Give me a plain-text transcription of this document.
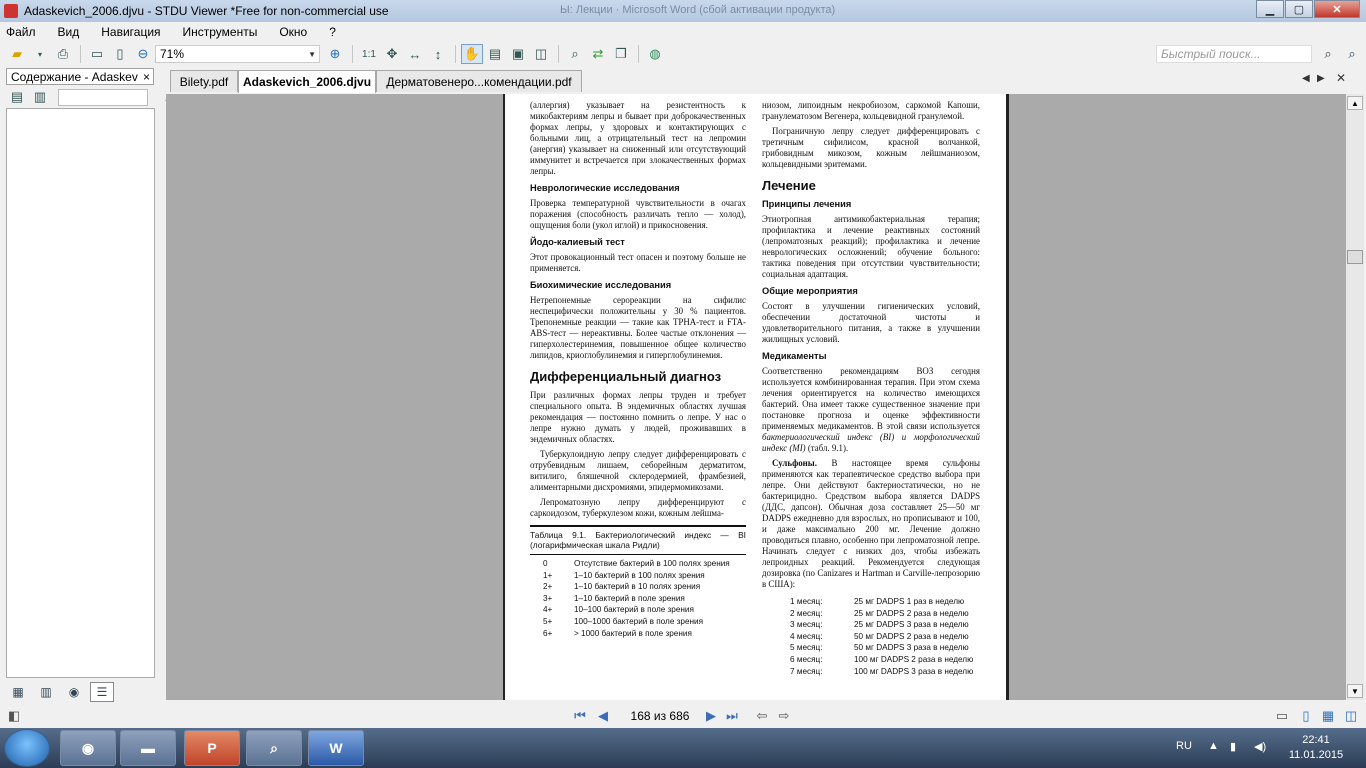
Adaskevich_2006.djvu - STDU Viewer *Free for non-commercial use	Ы: Лекции · Microsoft Word (сбой активации продукта)	▁	▢	✕
Файл Вид Навигация Инструменты Окно ?
▰	▾	⎙	▭	▯	⊖ 71%	▼	⊕	1:1 ✥ ↔	↕	✋ ▤ ▣ ◫	⌕	⇄ ❐	◍	Быстрый поиск...	⌕	⌕
Содержание - Adaskev ×
▤ ▥
▦	▥	◉	☰
Bilety.pdf	Adaskevich_2006.djvu	Дерматовенеро...комендации.pdf	◀ ▶ ✕

(аллергия) указывает на резистентность к микобактериям лепры и бывает при доброкачественных формах лепры, у здоровых и контактирующих с больными лиц, а отрицательный тест на лепромин (анергия) указывает на сниженный или отсутствующий иммунитет и встречается при злокачественных формах лепры.

Неврологические исследования

Проверка температурной чувствительности в очагах поражения (способность различать тепло — холод), ощущения боли (укол иглой) и прикосновения.

Йодо-калиевый тест

Этот провокационный тест опасен и поэтому больше не применяется.

Биохимические исследования

Нетрепонемные серореакции на сифилис неспецифически положительны у 30 % пациентов. Трепонемные реакции — такие как ТРНА-тест и FTA-ABS-тест — нереактивны. Более частые отклонения — гиперхолестеринемия, повышенное общее количество липидов, криоглобулинемия и гиперглобулинемия.

Дифференциальный диагноз

При различных формах лепры труден и требует специального опыта. В эндемичных областях лучшая рекомендация — постоянно помнить о лепре. У нас о лепре нужно думать у людей, проживавших в эндемичных областях.

Туберкулоидную лепру следует дифференцировать с отрубевидным лишаем, себорейным дерматитом, витилиго, бляшечной склеродермией, фрамбезией, алиментарными дисхромиями, эпидермомикозами.

Лепроматозную лепру дифференцируют с саркоидозом, туберкулезом кожи, кожным лейшма-

Таблица 9.1. Бактериологический индекс — BI (логарифмическая шкала Ридли)
0	Отсутствие бактерий в 100 полях зрения
1+	1–10 бактерий в 100 полях зрения
2+	1–10 бактерий в 10 полях зрения
3+	1–10 бактерий в поле зрения
4+	10–100 бактерий в поле зрения
5+	100–1000 бактерий в поле зрения
6+	> 1000 бактерий в поле зрения

ниозом, липоидным некробиозом, саркомой Капоши, гранулематозом Вегенера, кольцевидной гранулемой.

Пограничную лепру следует дифференцировать с третичным сифилисом, красной волчанкой, грибовидным микозом, кожным лейшманиозом, кольцевидными эритемами.

Лечение
Принципы лечения

Этиотропная антимикобактериальная терапия; профилактика и лечение реактивных состояний (лепроматозных реакций); профилактика и лечение неврологических осложнений; обучение больного: тактика поведения при отсутствии чувствительности; социальная адаптация.

Общие мероприятия

Состоят в улучшении гигиенических условий, обеспечении достаточной чистоты и удовлетворительного питания, а также в улучшении жилищных условий.

Медикаменты

Соответственно рекомендациям ВОЗ сегодня используется комбинированная терапия. При этом схема лечения ориентируется на количество имеющихся бактерий. Она имеет также существенное значение при постановке прогноза и оценке эффективности применяемых медикаментов. В этой связи используется бактериологический индекс (BI) и морфологический индекс (MI) (табл. 9.1).

Сульфоны. В настоящее время сульфоны применяются как терапевтическое средство выбора при лепре. Они действуют бактериостатически, но не бактерицидно. Средством выбора является DADPS (ДДС, дапсон). Обычная доза составляет 25—50 мг DADPS ежедневно для взрослых, но прописывают и 100, и даже максимально 200 мг. Лечение должно проводиться плавно, особенно при лепроматозной лепре. Начинать следует с низких доз, чтобы избежать лепроидных реакций. Рекомендуется следующая дозировка (по Canizares и Hartman и Carville-лепрозорию в США):

1 месяц:	25 мг DADPS 1 раз в неделю
2 месяц:	25 мг DADPS 2 раза в неделю
3 месяц:	25 мг DADPS 3 раза в неделю
4 месяц:	50 мг DADPS 2 раза в неделю
5 месяц:	50 мг DADPS 3 раза в неделю
6 месяц:	100 мг DADPS 2 раза в неделю
7 месяц:	100 мг DADPS 3 раза в неделю
▲
▼
◧	⏮ ◀	168 из 686	▶ ⏭ ⇦ ⇨	▭	▯ ▦ ◫
◉	▬	P	⌕	W	RU ▲ ▮ ◀)
22:41
11.01.2015
